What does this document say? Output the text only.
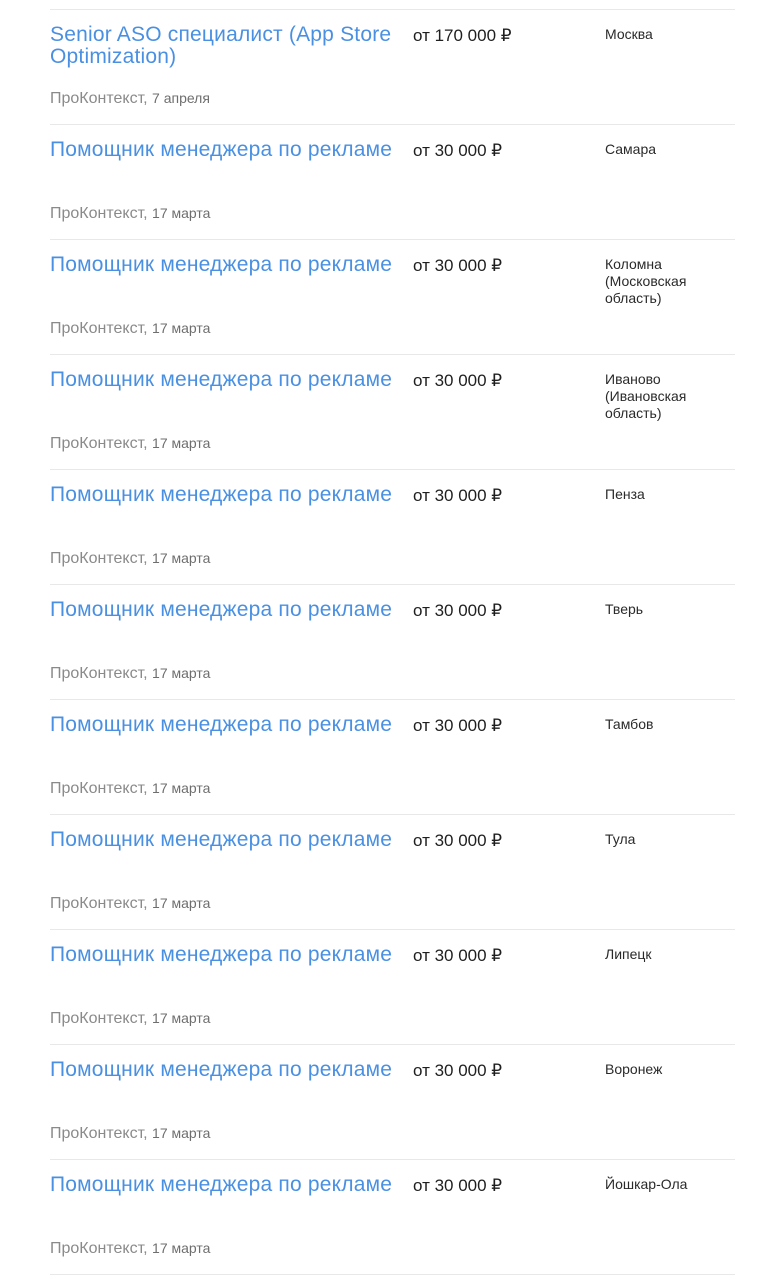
Senior ASO специалист (App Store Optimization)
от 170 000 ₽	Москва
ПроКонтекст, 7 апреля
Помощник менеджера по рекламе от 30 000 ₽	Самара
ПроКонтекст, 17 марта
Помощник менеджера по рекламе от 30 000 ₽	Коломна (Московская область)
ПроКонтекст, 17 марта
Помощник менеджера по рекламе от 30 000 ₽	Иваново (Ивановская область)
ПроКонтекст, 17 марта
Помощник менеджера по рекламе от 30 000 ₽	Пенза
ПроКонтекст, 17 марта
Помощник менеджера по рекламе от 30 000 ₽	Тверь
ПроКонтекст, 17 марта
Помощник менеджера по рекламе от 30 000 ₽	Тамбов
ПроКонтекст, 17 марта
Помощник менеджера по рекламе от 30 000 ₽	Тула
ПроКонтекст, 17 марта
Помощник менеджера по рекламе от 30 000 ₽	Липецк
ПроКонтекст, 17 марта
Помощник менеджера по рекламе от 30 000 ₽	Воронеж
ПроКонтекст, 17 марта
Помощник менеджера по рекламе от 30 000 ₽	Йошкар-Ола
ПроКонтекст, 17 марта
